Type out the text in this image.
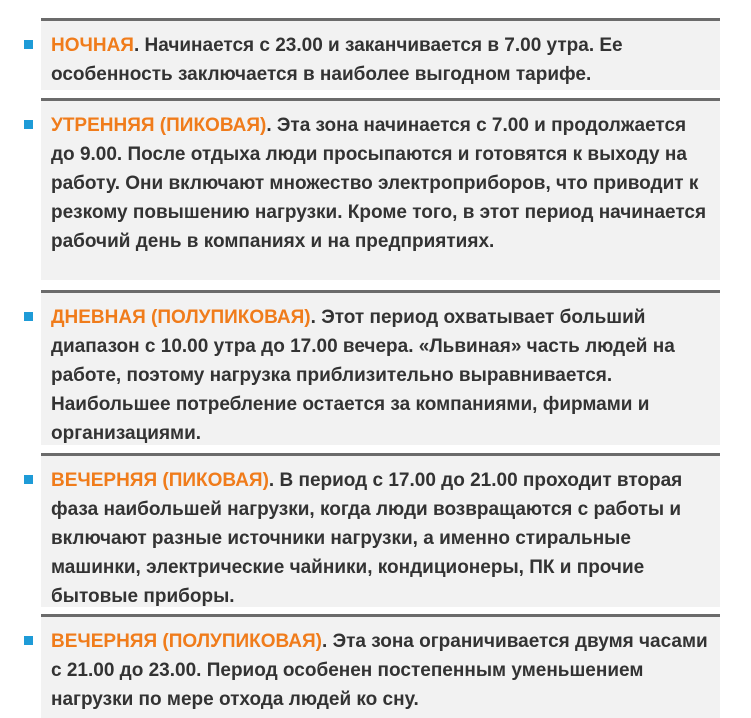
НОЧНАЯ. Начинается с 23.00 и заканчивается в 7.00 утра. Ее особенность заключается в наиболее выгодном тарифе.
УТРЕННЯЯ (ПИКОВАЯ). Эта зона начинается с 7.00 и продолжается до 9.00. После отдыха люди просыпаются и готовятся к выходу на работу. Они включают множество электроприборов, что приводит к резкому повышению нагрузки. Кроме того, в этот период начинается рабочий день в компаниях и на предприятиях.
ДНЕВНАЯ (ПОЛУПИКОВАЯ). Этот период охватывает больший диапазон с 10.00 утра до 17.00 вечера. «Львиная» часть людей на работе, поэтому нагрузка приблизительно выравнивается. Наибольшее потребление остается за компаниями, фирмами и организациями.
ВЕЧЕРНЯЯ (ПИКОВАЯ). В период с 17.00 до 21.00 проходит вторая фаза наибольшей нагрузки, когда люди возвращаются с работы и включают разные источники нагрузки, а именно стиральные машинки, электрические чайники, кондиционеры, ПК и прочие бытовые приборы.
ВЕЧЕРНЯЯ (ПОЛУПИКОВАЯ). Эта зона ограничивается двумя часами с 21.00 до 23.00. Период особенен постепенным уменьшением нагрузки по мере отхода людей ко сну.
